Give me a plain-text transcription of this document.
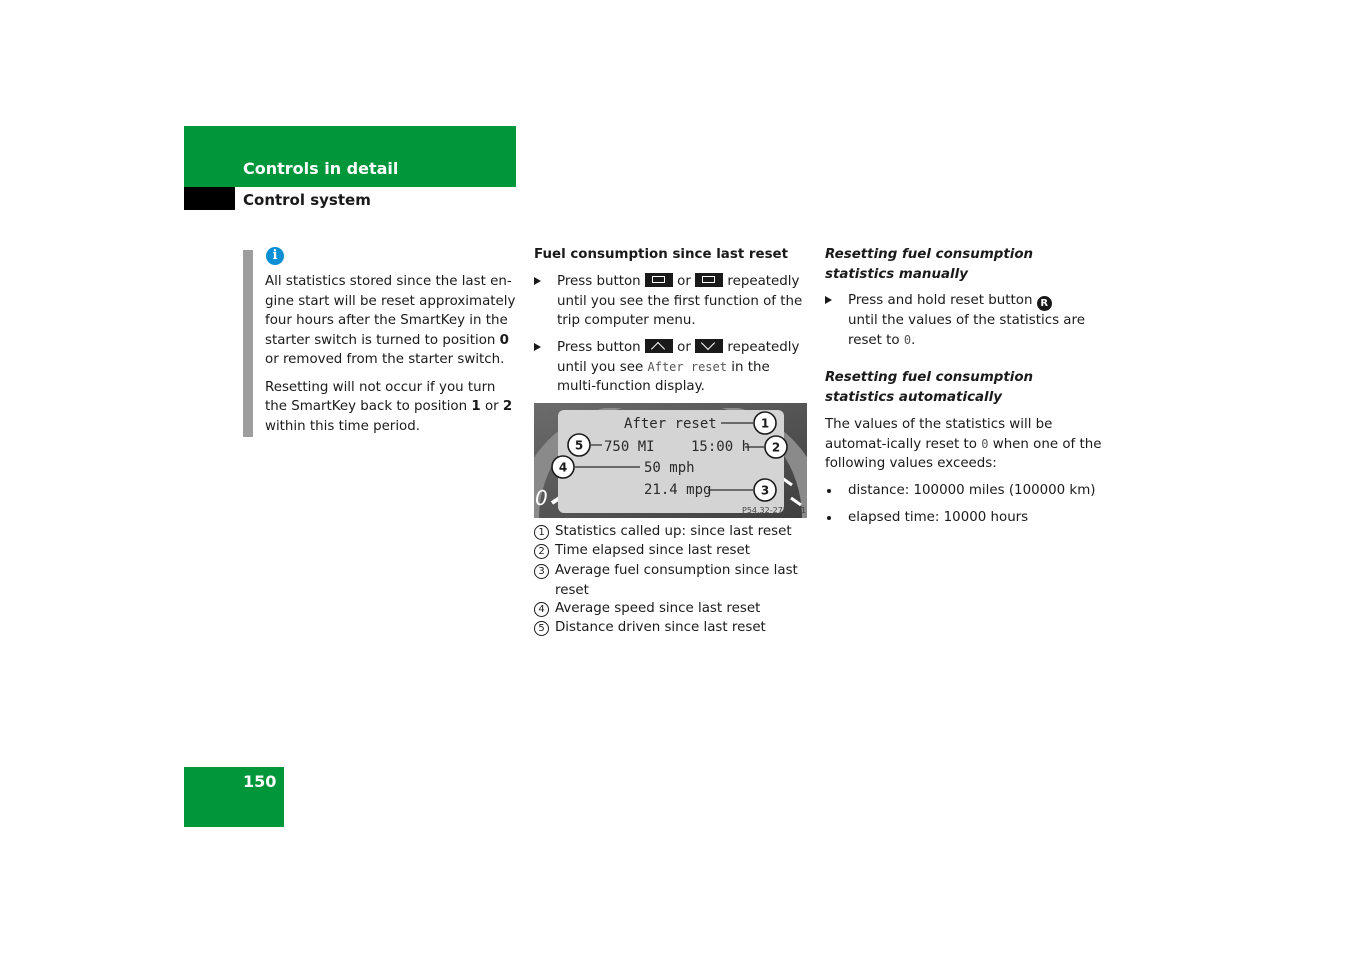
Controls in detail
Control system
i

All statistics stored since the last en-gine start will be reset approximately four hours after the SmartKey in the starter switch is turned to position 0 or removed from the starter switch.

Resetting will not occur if you turn the SmartKey back to position 1 or 2 within this time period.

Fuel consumption since last reset
Press button  or  repeatedly until you see the first function of the trip computer menu.
Press button
or
repeatedly until you see After reset in the multi-function display.
0
After reset
750 MI	15:00 h
50 mph
21.4 mpg
P54.32-2757-31
1
2
3
4
5
1 Statistics called up: since last reset
2 Time elapsed since last reset
3 Average fuel consumption since last reset
4 Average speed since last reset
5 Distance driven since last reset
Resetting fuel consumption statistics manually
Press and hold reset button R until the values of the statistics are reset to 0.
Resetting fuel consumption statistics automatically
The values of the statistics will be automat-ically reset to 0 when one of the following values exceeds:
distance: 100000 miles (100000 km)
elapsed time: 10000 hours
150
